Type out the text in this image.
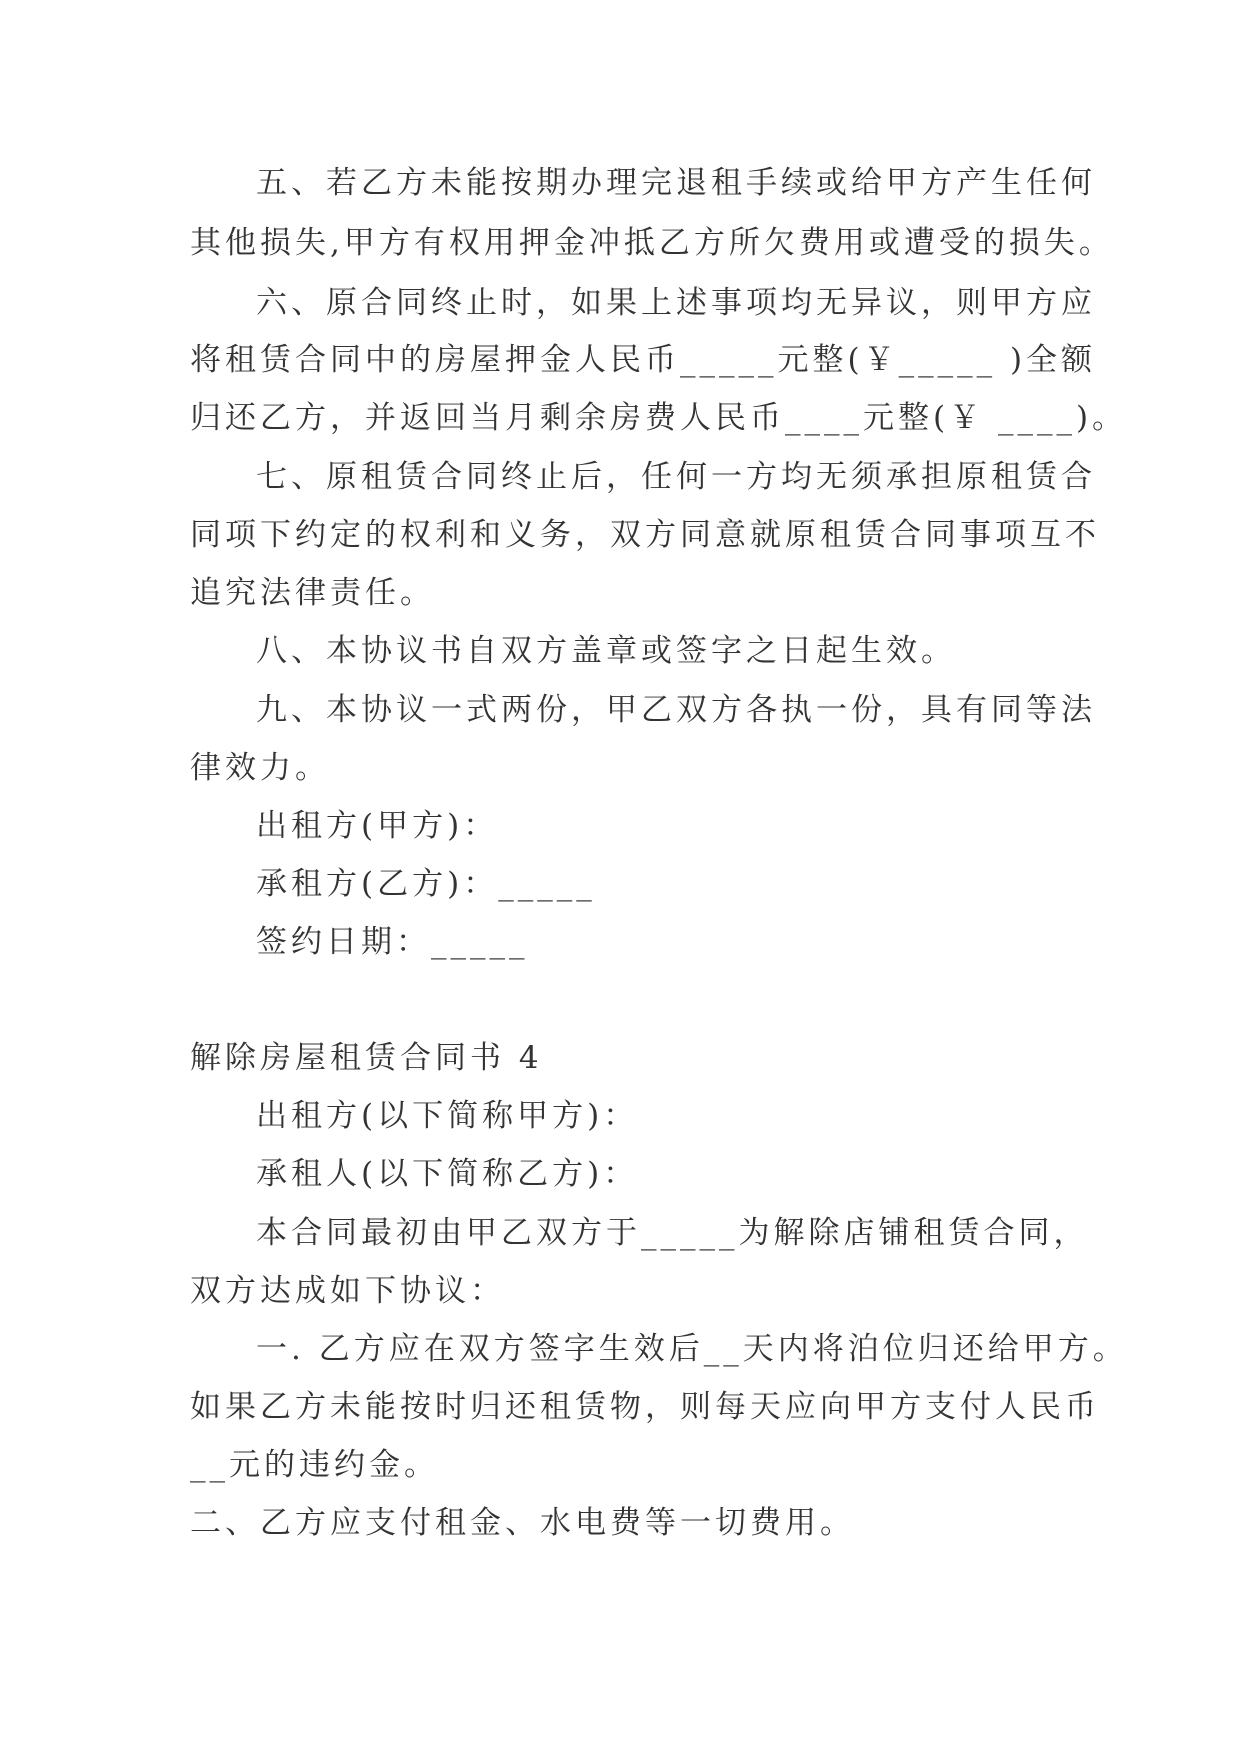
五、若乙方未能按期办理完退租手续或给甲方产生任何
其他损失,甲方有权用押金冲抵乙方所欠费用或遭受的损失。
六、原合同终止时，如果上述事项均无异议，则甲方应
将租赁合同中的房屋押金人民币_____元整(￥_____ )全额
归还乙方，并返回当月剩余房费人民币____元整(￥ ____)。
七、原租赁合同终止后，任何一方均无须承担原租赁合
同项下约定的权利和义务，双方同意就原租赁合同事项互不
追究法律责任。
八、本协议书自双方盖章或签字之日起生效。
九、本协议一式两份，甲乙双方各执一份，具有同等法
律效力。
出租方(甲方)：
承租方(乙方)：_____
签约日期：_____
解除房屋租赁合同书 4
出租方(以下简称甲方)：
承租人(以下简称乙方)：
本合同最初由甲乙双方于_____为解除店铺租赁合同，
双方达成如下协议：
一. 乙方应在双方签字生效后__天内将泊位归还给甲方。
如果乙方未能按时归还租赁物，则每天应向甲方支付人民币
__元的违约金。
二、乙方应支付租金、水电费等一切费用。
